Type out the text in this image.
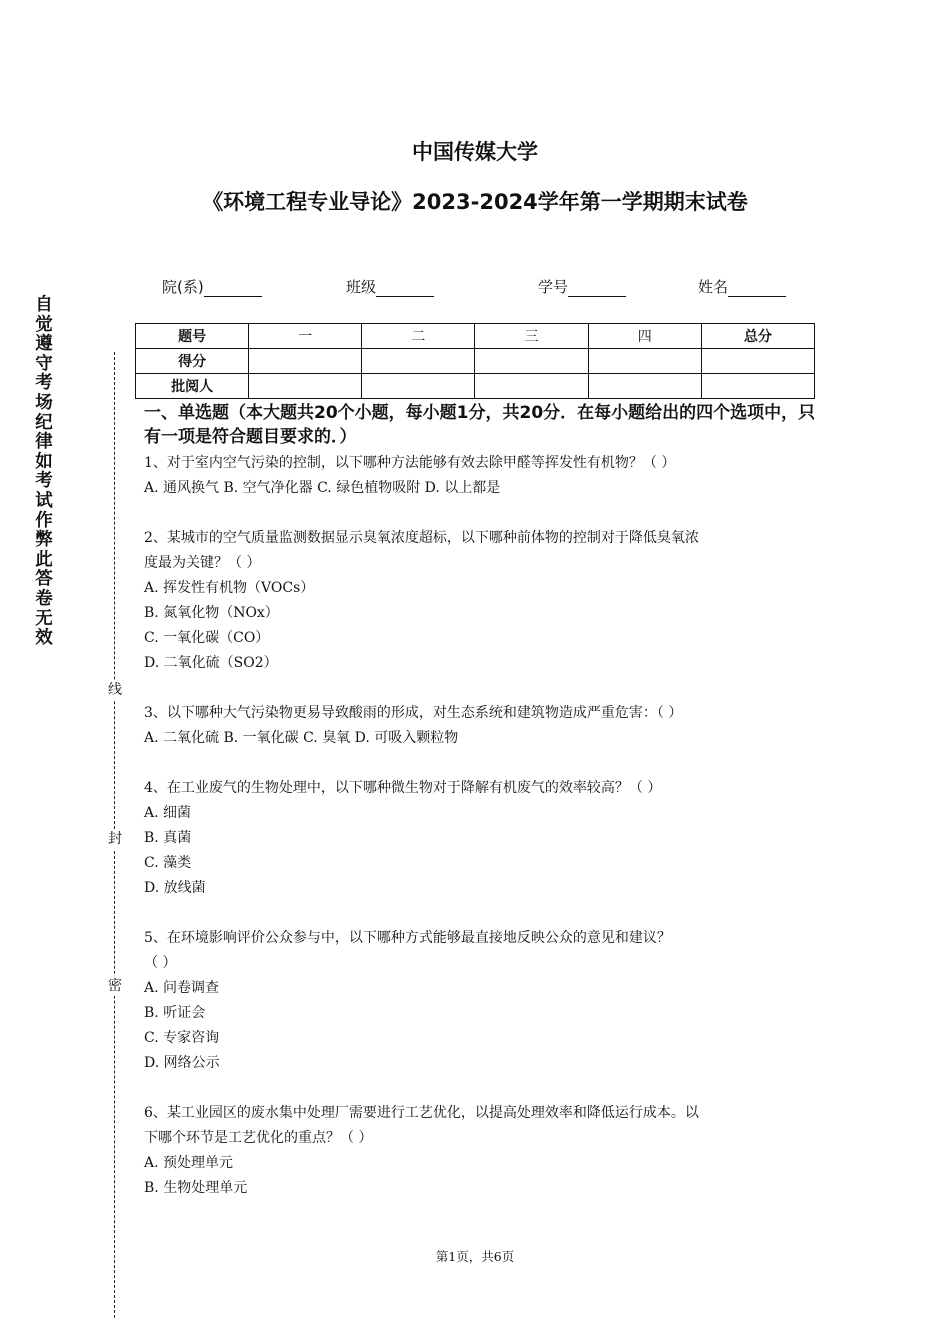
中国传媒大学
《环境工程专业导论》2023-2024学年第一学期期末试卷
院(系)	班级	学号	姓名
题号	一	二	三	四	总分
得分					
批阅人					
自
觉
遵
守
考
场
纪
律
如
考
试
作
弊
此
答
卷
无
效
线
封
密
一、单选题（本大题共20个小题，每小题1分，共20分．在每小题给出的四个选项中，只有一项是符合题目要求的．）
1、对于室内空气污染的控制，以下哪种方法能够有效去除甲醛等挥发性有机物？（ ）
A. 通风换气 B. 空气净化器 C. 绿色植物吸附 D. 以上都是
2、某城市的空气质量监测数据显示臭氧浓度超标，以下哪种前体物的控制对于降低臭氧浓
度最为关键？（ ）
A. 挥发性有机物（VOCs）
B. 氮氧化物（NOx）
C. 一氧化碳（CO）
D. 二氧化硫（SO2）
3、以下哪种大气污染物更易导致酸雨的形成，对生态系统和建筑物造成严重危害：（ ）
A. 二氧化硫 B. 一氧化碳 C. 臭氧 D. 可吸入颗粒物
4、在工业废气的生物处理中，以下哪种微生物对于降解有机废气的效率较高？（ ）
A. 细菌
B. 真菌
C. 藻类
D. 放线菌
5、在环境影响评价公众参与中，以下哪种方式能够最直接地反映公众的意见和建议？
（ ）
A. 问卷调查
B. 听证会
C. 专家咨询
D. 网络公示
6、某工业园区的废水集中处理厂需要进行工艺优化，以提高处理效率和降低运行成本。以
下哪个环节是工艺优化的重点？（ ）
A. 预处理单元
B. 生物处理单元
第1页，共6页
